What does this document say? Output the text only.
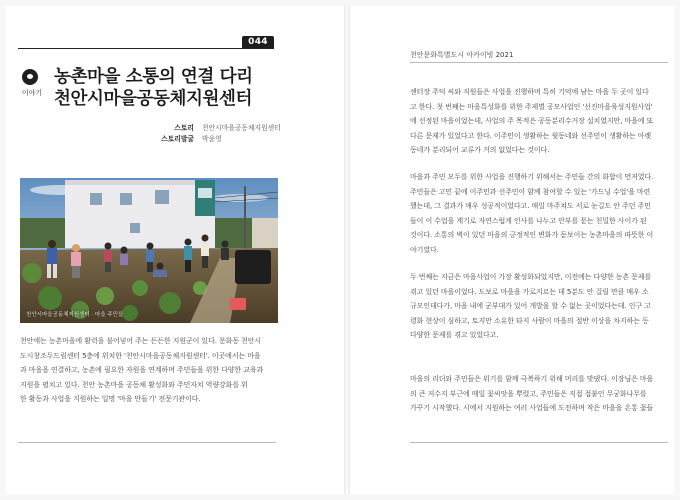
044
이야기
농촌마을 소통의 연결 다리
천안시마을공동체지원센터
스토리 천안시마을공동체지원센터
스토리발굴 박윤영
천안시마을공동체지원센터 · 마을 주민들

천안에는 농촌마을에 활력을 불어넣어 주는 든든한 지원군이 있다. 문화동 천안시
도시창조두드림센터 5층에 위치한 '천안시마을공동체지원센터'. 이곳에서는 마을
과 마을을 연결하고, 농촌에 필요한 자원을 연계하며 주민들을 위한 다양한 교육과
지원을 펼치고 있다. 천안 농촌마을 공동체 활성화와 주민자치 역량강화를 위
한 활동과 사업을 지원하는 일명 '마을 만들기' 전문기관이다.

천안문화특별도시 아카이빙 2021

센터장 주덕 씨와 직원들은 사업을 진행하며 특히 기억에 남는 마을 두 곳이 있다
고 한다. 첫 번째는 마을특성화를 위한 주제별 공모사업인 '선진마을육성지원사업'
에 선정된 마을이었는데, 사업의 주 목적은 공동분리수거장 설치였지만, 마을에 또
다른 문제가 있었다고 한다. 이주민이 생활하는 윗동네와 선주민이 생활하는 아랫
동네가 분리되어 교류가 거의 없었다는 것이다.

마을과 주민 모두를 위한 사업을 진행하기 위해서는 주민들 간의 화합이 먼저였다.
주민들은 고민 끝에 이주민과 선주민이 함께 참여할 수 있는 '가드닝 수업'을 마련
했는데, 그 결과가 매우 성공적이었다고. 매일 마주쳐도 서로 눈길도 안 주던 주민
들이 이 수업을 계기로 자연스럽게 인사를 나누고 안부를 묻는 친밀한 사이가 된
것이다. 소통의 벽이 있던 마을의 긍정적인 변화가 돋보이는 농촌마을의 따뜻한 이
야기였다.

두 번째는 지금은 마을사업이 가장 활성화되었지만, 이전에는 다양한 농촌 문제를
겪고 있던 마을이었다. 도보로 마을을 가로지르는 데 5분도 안 걸릴 만큼 매우 소
규모인데다가, 마을 내에 군부대가 있어 개발을 할 수 없는 곳이었다는데. 인구 고
령화 현상이 심하고, 토지만 소유한 타지 사람이 마을의 절반 이상을 차지하는 등
다양한 문제를 겪고 있었다고.

마을의 리더와 주민들은 위기를 함께 극복하기 위해 머리를 맞댔다. 이장님은 마을
의 큰 저수지 부근에 매일 꽃씨앗을 뿌렸고, 주민들은 직접 접붙인 무궁화나무를
가꾸기 시작했다. 시에서 지원하는 여러 사업들에 도전하며 작은 마을을 온통 꽃들
